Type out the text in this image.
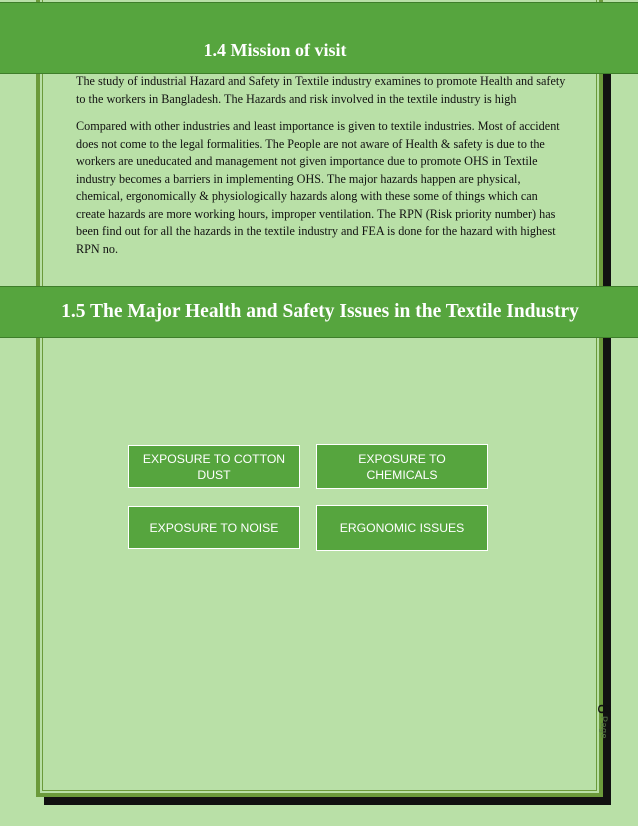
1.4 Mission of visit

The study of industrial Hazard and Safety in Textile industry examines to promote Health and safety to the workers in Bangladesh. The Hazards and risk involved in the textile industry is high

Compared with other industries and least importance is given to textile industries. Most of accident does not come to the legal formalities. The People are not aware of Health & safety is due to the workers are uneducated and management not given importance due to promote OHS in Textile industry becomes a barriers in implementing OHS. The major hazards happen are physical, chemical, ergonomically & physiologically hazards along with these some of things which can create hazards are more working hours, improper ventilation. The RPN (Risk priority number) has been find out for all the hazards in the textile industry and FEA is done for the hazard with highest RPN no.

1.5 The Major Health and Safety Issues in the Textile Industry
EXPOSURE TO COTTON DUST
EXPOSURE TO CHEMICALS
EXPOSURE TO NOISE	ERGONOMIC ISSUES
8
Page
